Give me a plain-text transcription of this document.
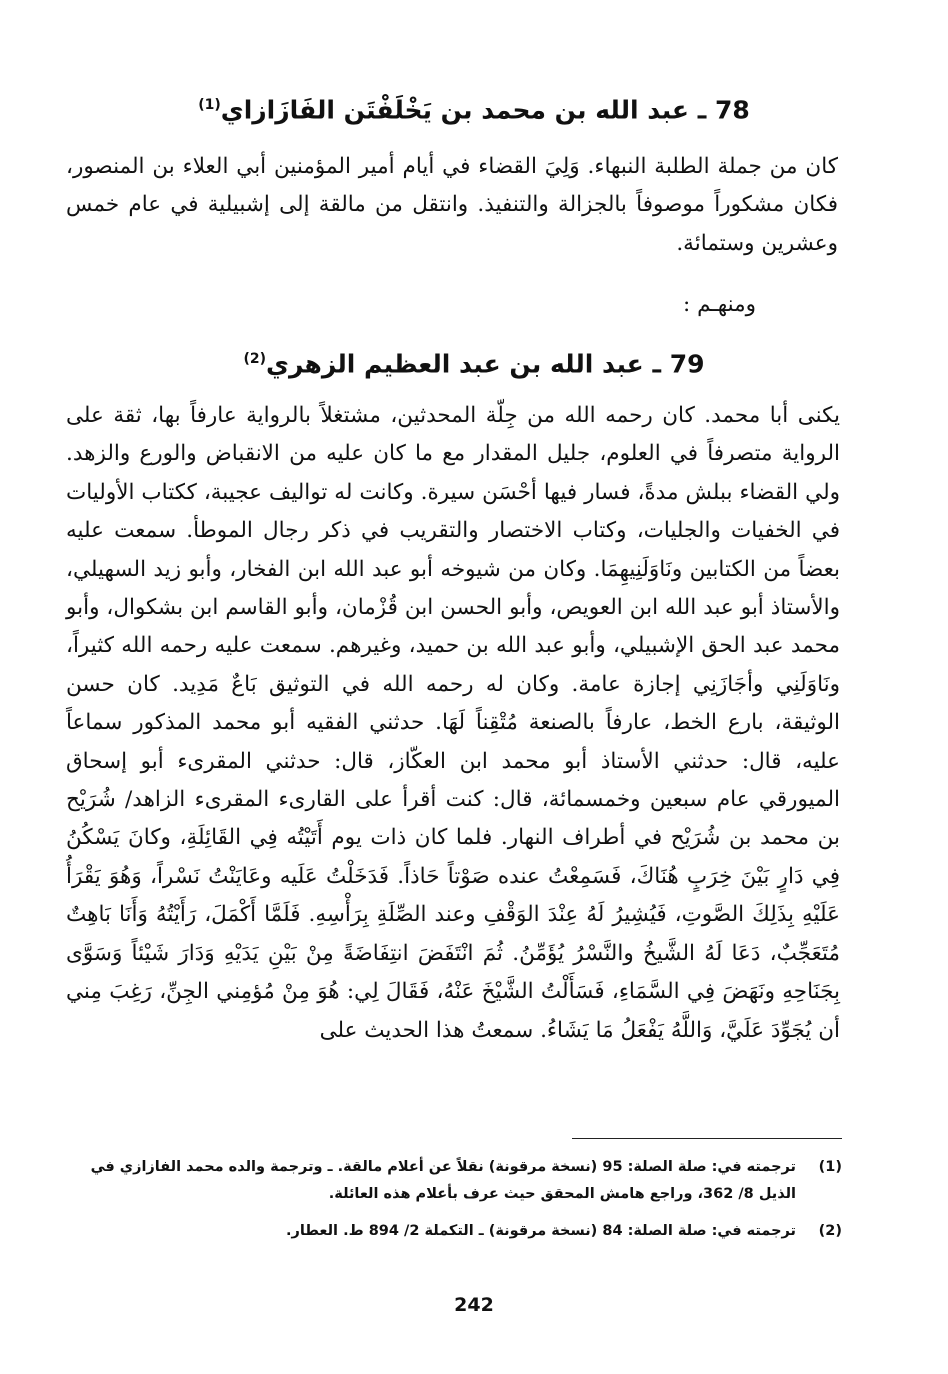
78 ـ عبد الله بن محمد بن يَخْلَفْتَن الفَازَازاي$^{(1)}$
كان من جملة الطلبة النبهاء. وَلِيَ القضاء في أيام أمير المؤمنين أبي العلاء بن المنصور، فكان مشكوراً موصوفاً بالجزالة والتنفيذ. وانتقل من مالقة إلى إشبيلية في عام خمس وعشرين وستمائة.
ومنهـم :
79 ـ عبد الله بن عبد العظيم الزهري$^{(2)}$
يكنى أبا محمد. كان رحمه الله من جِلّة المحدثين، مشتغلاً بالرواية عارفاً بها، ثقة على الرواية متصرفاً في العلوم، جليل المقدار مع ما كان عليه من الانقباض والورع والزهد. ولي القضاء ببلش مدةً، فسار فيها أحْسَن سيرة. وكانت له تواليف عجيبة، ككتاب الأوليات في الخفيات والجليات، وكتاب الاختصار والتقريب في ذكر رجال الموطأ. سمعت عليه بعضاً من الكتابين ونَاوَلَنِيهِمَا. وكان من شيوخه أبو عبد الله ابن الفخار، وأبو زيد السهيلي، والأستاذ أبو عبد الله ابن العويص، وأبو الحسن ابن قُزْمان، وأبو القاسم ابن بشكوال، وأبو محمد عبد الحق الإشبيلي، وأبو عبد الله بن حميد، وغيرهم. سمعت عليه رحمه الله كثيراً، ونَاوَلَنِي وأجَازَنِي إجازة عامة. وكان له رحمه الله في التوثيق بَاعٌ مَدِيد. كان حسن الوثيقة، بارع الخط، عارفاً بالصنعة مُتْقِناً لَهَا. حدثني الفقيه أبو محمد المذكور سماعاً عليه، قال: حدثني الأستاذ أبو محمد ابن العكّاز، قال: حدثني المقرىء أبو إسحاق الميورقي عام سبعين وخمسمائة، قال: كنت أقرأ على القارىء المقرىء الزاهد/ شُرَيْح بن محمد بن شُرَيْح في أطراف النهار. فلما كان ذات يوم أَتَيْتُه فِي القَائِلَةِ، وكانَ يَسْكُنُ فِي دَارٍ بَيْنَ خِرَبٍ هُنَاكَ، فَسَمِعْتُ عنده صَوْتاً حَاذاً. فَدَخَلْتُ عَلَيه وعَايَنْتُ نَسْراً، وَهُوَ يَقْرَأُ عَلَيْهِ بِذَلِكَ الصَّوتِ، فَيُشِيرُ لَهُ عِنْدَ الوَقْفِ وعند الصِّلَةِ بِرَأْسِهِ. فَلَمَّا أَكْمَلَ، رَأَيْتُهُ وَأَنَا بَاهِتٌ مُتَعَجِّبٌ، دَعَا لَهُ الشَّيخُ والنَّسْرُ يُؤَمِّنُ. ثُمَ انْتَفَضَ انتِفَاضَةً مِنْ بَيْنِ يَدَيْهِ وَدَارَ شَيْئاً وَسَوَّى بِجَنَاحِهِ ونَهَضَ فِي السَّمَاءِ، فَسَأَلْتُ الشَّيْخَ عَنْهُ، فَقَالَ لِي: هُوَ مِنْ مُؤمِني الجِنِّ، رَغِبَ مِني أن يُجَوِّدَ عَلَيَّ، وَاللَّهُ يَفْعَلُ مَا يَشَاءُ. سمعتُ هذا الحديث على
(1)
ترجمته في: صلة الصلة: 95 (نسخة مرقونة) نقلاً عن أعلام مالقة. ـ وترجمة والده محمد الفازازي في الذيل 8/ 362، وراجع هامش المحقق حيث عرف بأعلام هذه العائلة.
(2)
ترجمته في: صلة الصلة: 84 (نسخة مرقونة) ـ التكملة 2/ 894 ط. العطار.
242
